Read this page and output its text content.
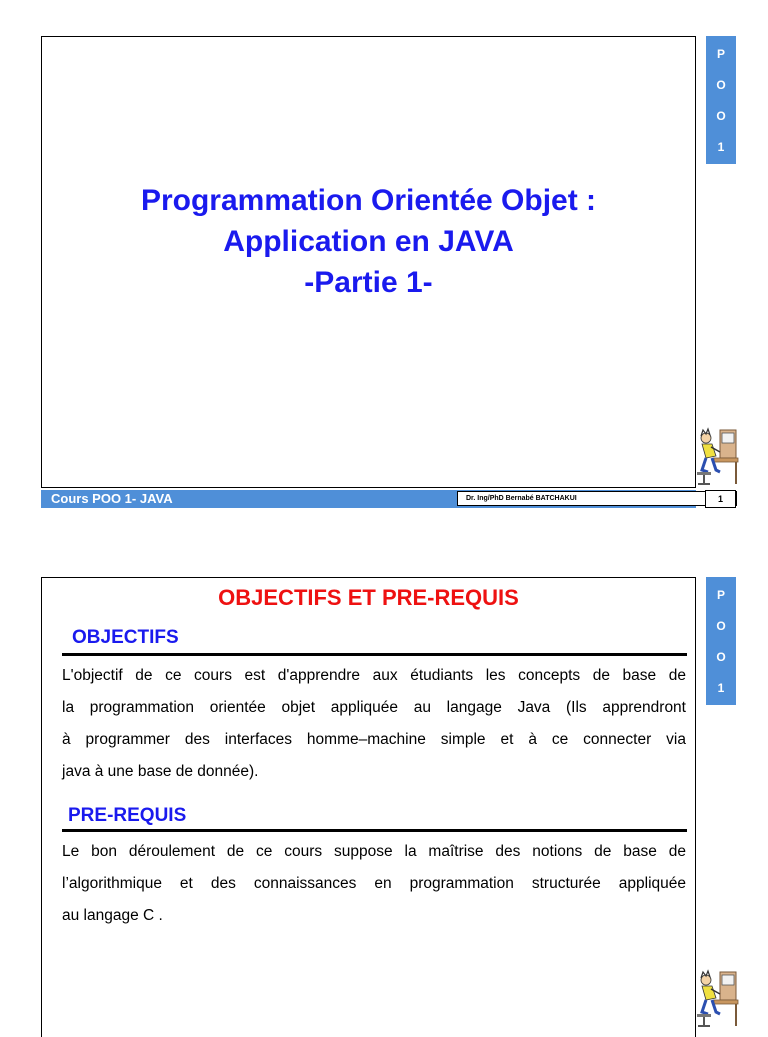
P
O
O
1
Programmation Orientée Objet :
Application en JAVA
-Partie 1-
Cours POO 1- JAVA	Dr. Ing/PhD Bernabé BATCHAKUI	1
P
O
O
1
OBJECTIFS ET PRE-REQUIS
OBJECTIFS
L'objectif de ce cours est d'apprendre aux étudiants les concepts de base de
la programmation orientée objet appliquée au langage Java (Ils apprendront
à programmer des interfaces homme–machine simple et à ce connecter via
java à une base de donnée).
PRE-REQUIS
Le bon déroulement de ce cours suppose la maîtrise des notions de base de
l’algorithmique et des connaissances en programmation structurée appliquée
au langage C .
